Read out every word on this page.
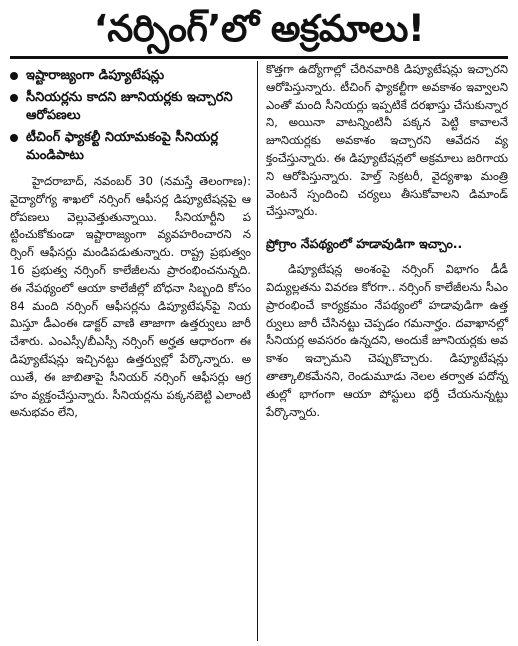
‘నర్సింగ్’లో అక్రమాలు!
ఇష్టారాజ్యంగా డిప్యూటేషన్లు
సీనియర్లను కాదని జూనియర్లకు ఇచ్చారని ఆరోపణలు
టీచింగ్ ఫ్యాకల్టీ నియామకంపై సీనియర్ల మండిపాటు

హైదరాబాద్, నవంబర్ 30 (నమస్తే తెలంగాణ): వైద్యారోగ్య శాఖలో నర్సింగ్ ఆఫీసర్ల డిప్యూటేషన్లపై ఆరోపణలు వెల్లువెత్తుతున్నాయి. సీనియార్టీని పట్టించుకోకుండా ఇష్టారాజ్యంగా వ్యవహరించారని నర్సింగ్ ఆఫీసర్లు మండిపడుతున్నారు. రాష్ట్ర ప్రభుత్వం 16 ప్రభుత్వ నర్సింగ్ కాలేజీలను ప్రారంభించనున్నది. ఈ నేపథ్యంలో ఆయా కాలేజీల్లో బోధనా సిబ్బంది కోసం 84 మంది నర్సింగ్ ఆఫీసర్లను డిప్యూటేషన్‌పై నియమిస్తూ డీఎంఈ డాక్టర్ వాణి తాజాగా ఉత్తర్వులు జారీ చేశారు. ఎంఎస్సీ/బీఎస్సీ నర్సింగ్ అర్హత ఆధారంగా ఈ డిప్యూటేషన్లు ఇచ్చినట్టు ఉత్తర్వుల్లో పేర్కొన్నారు. అయితే, ఈ జాబితాపై సీనియర్ నర్సింగ్ ఆఫీసర్లు ఆగ్రహం వ్యక్తంచేస్తున్నారు. సీనియర్లను పక్కనబెట్టి ఎలాంటి అనుభవం లేని,

కొత్తగా ఉద్యోగాల్లో చేరినవారికి డిప్యూటేషన్లు ఇచ్చారని ఆరోపిస్తున్నారు. టీచింగ్ ఫ్యాకల్టీగా అవకాశం ఇవ్వాలని ఎంతో మంది సీనియర్లు ఇప్పటికే దరఖాస్తు చేసుకున్నారని, అయినా వాటన్నింటినీ పక్కన పెట్టి కావాలనే జూనియర్లకు అవకాశం ఇచ్చారని ఆవేదన వ్యక్తంచేస్తున్నారు. ఈ డిప్యూటేషన్లలో అక్రమాలు జరిగాయని ఆరోపిస్తున్నారు. హెల్త్ సెక్రటరీ, వైద్యశాఖ మంత్రి వెంటనే స్పందించి చర్యలు తీసుకోవాలని డిమాండ్ చేస్తున్నారు.

ప్రోగ్రాం నేపథ్యంలో హడావుడిగా ఇచ్చాం..

డిప్యూటేషన్ల అంశంపై నర్సింగ్ విభాగం డీడీ విద్యుల్లతను వివరణ కోరగా.. నర్సింగ్ కాలేజీలను సీఎం ప్రారంభించే కార్యక్రమం నేపథ్యంలో హడావుడిగా ఉత్తర్వులు జారీ చేసినట్టు చెప్పడం గమనార్హం. దవాఖానల్లో సీనియర్ల అవసరం ఉన్నదని, అందుకే జూనియర్లకు అవకాశం ఇచ్చామని చెప్పుకొచ్చారు. డిప్యూటేషన్లు తాత్కాలికమేనని, రెండుమూడు నెలల తర్వాత పదోన్నతుల్లో భాగంగా ఆయా పోస్టులు భర్తీ చేయనున్నట్టు పేర్కొన్నారు.
